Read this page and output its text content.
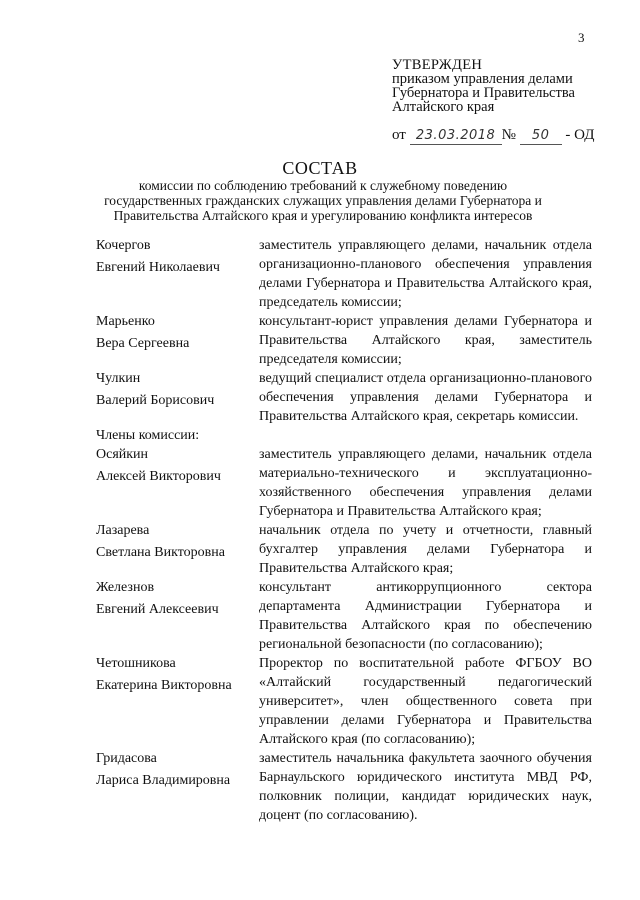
3
УТВЕРЖДЕН
приказом управления делами
Губернатора и Правительства
Алтайского края
от 23.03.2018 № 50 - ОД
СОСТАВ
комиссии по соблюдению требований к служебному поведению государственных гражданских служащих управления делами Губернатора и Правительства Алтайского края и урегулированию конфликта интересов
Кочергов
Евгений Николаевич
заместитель управляющего делами, начальник отдела организационно-планового обеспечения управления делами Губернатора и Правительства Алтайского края, председатель комиссии;
Марьенко
Вера Сергеевна
консультант-юрист управления делами Губернатора и Правительства Алтайского края, заместитель председателя комиссии;
Чулкин
Валерий Борисович
ведущий специалист отдела организационно-планового обеспечения управления делами Губернатора и Правительства Алтайского края, секретарь комиссии.
Члены комиссии:
Осяйкин
Алексей Викторович
заместитель управляющего делами, начальник отдела материально-технического и эксплуатационно-хозяйственного обеспечения управления делами Губернатора и Правительства Алтайского края;
Лазарева
Светлана Викторовна
начальник отдела по учету и отчетности, главный бухгалтер управления делами Губернатора и Правительства Алтайского края;
Железнов
Евгений Алексеевич
консультант антикоррупционного сектора департамента Администрации Губернатора и Правительства Алтайского края по обеспечению региональной безопасности (по согласованию);
Четошникова
Екатерина Викторовна
Проректор по воспитательной работе ФГБОУ ВО «Алтайский государственный педагогический университет», член общественного совета при управлении делами Губернатора и Правительства Алтайского края (по согласованию);
Гридасова
Лариса Владимировна
заместитель начальника факультета заочного обучения Барнаульского юридического института МВД РФ, полковник полиции, кандидат юридических наук, доцент (по согласованию).
